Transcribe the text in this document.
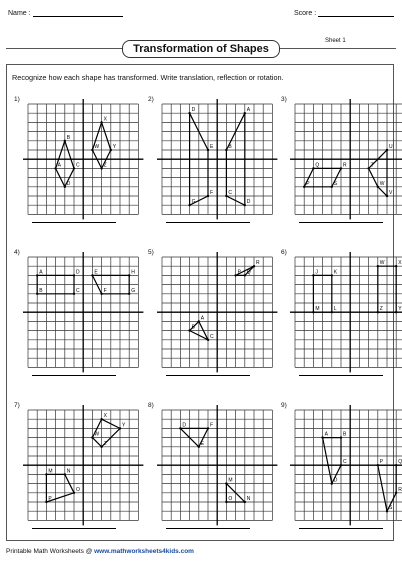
Name :	Score :
Transformation of Shapes
Sheet 1
Recognize how each shape has transformed. Write translation, reflection or rotation.
1)
A
B
C
D
W
X
Y
Z
2)
D
E
F
G
A
B
C
D
3)
P
Q	R
S
T
U
V
W
4)
A
B	C
D	E
F	G
H
5)
A
B
C
P Q
R
6)
J	K
L
M
W	X
Y
Z
7)
M	N
O
P
W
X
Y
Z
8)
D
E
F
M
N
O
9)
A	B
C
D
P	Q
R
S
Printable Math Worksheets @ www.mathworksheets4kids.com
